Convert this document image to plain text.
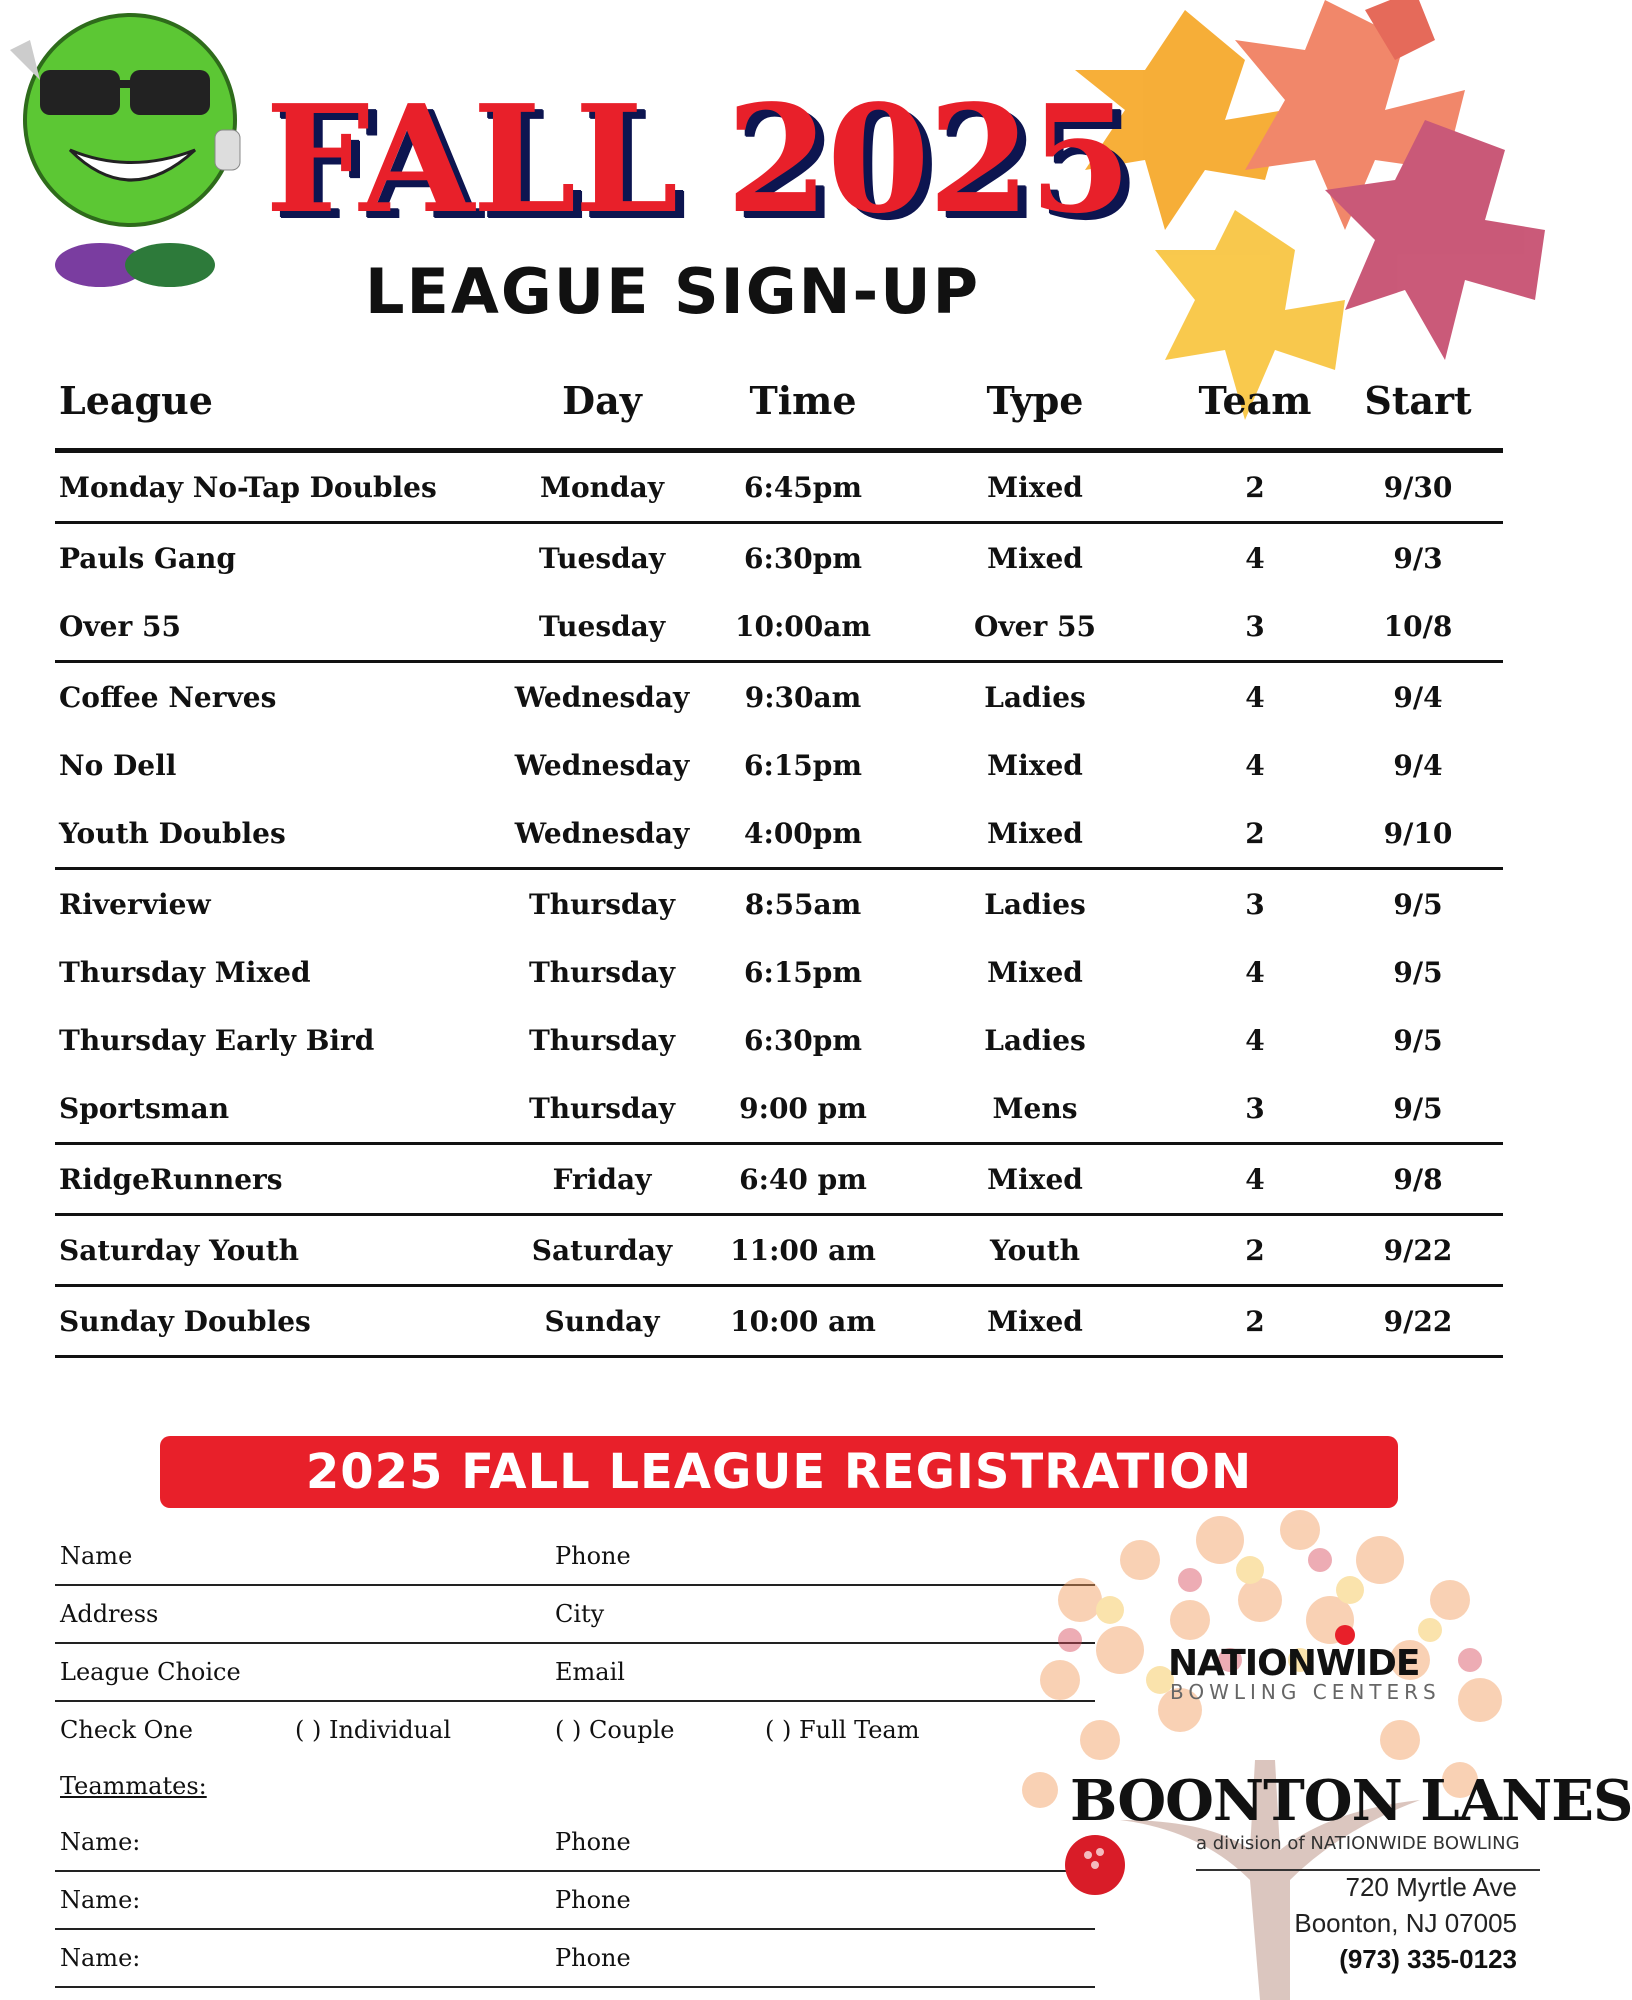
FALL 2025
LEAGUE SIGN-UP
League	Day	Time	Type	Team Start
Monday No-Tap Doubles	Monday	6:45pm	Mixed	2	9/30
Pauls Gang	Tuesday	6:30pm	Mixed	4	9/3
Over 55	Tuesday 10:00am	Over 55	3	10/8
Coffee Nerves	Wednesday 9:30am	Ladies	4	9/4
No Dell	Wednesday 6:15pm	Mixed	4	9/4
Youth Doubles	Wednesday 4:00pm	Mixed	2	9/10
Riverview	Thursday 8:55am	Ladies	3	9/5
Thursday Mixed	Thursday 6:15pm	Mixed	4	9/5
Thursday Early Bird	Thursday 6:30pm	Ladies	4	9/5
Sportsman	Thursday 9:00 pm	Mens	3	9/5
RidgeRunners	Friday	6:40 pm	Mixed	4	9/8
Saturday Youth	Saturday 11:00 am	Youth	2	9/22
Sunday Doubles	Sunday	10:00 am	Mixed	2	9/22
2025 FALL LEAGUE REGISTRATION
Name	Phone
Address	City
League Choice	Email
Check One	( ) Individual	( ) Couple	( ) Full Team
Teammates:
Name:	Phone
Name:	Phone
Name:	Phone
NATIONWIDE
BOWLING CENTERS
BOONTON LANES
a division of NATIONWIDE BOWLING
720 Myrtle Ave
Boonton, NJ 07005
(973) 335-0123
